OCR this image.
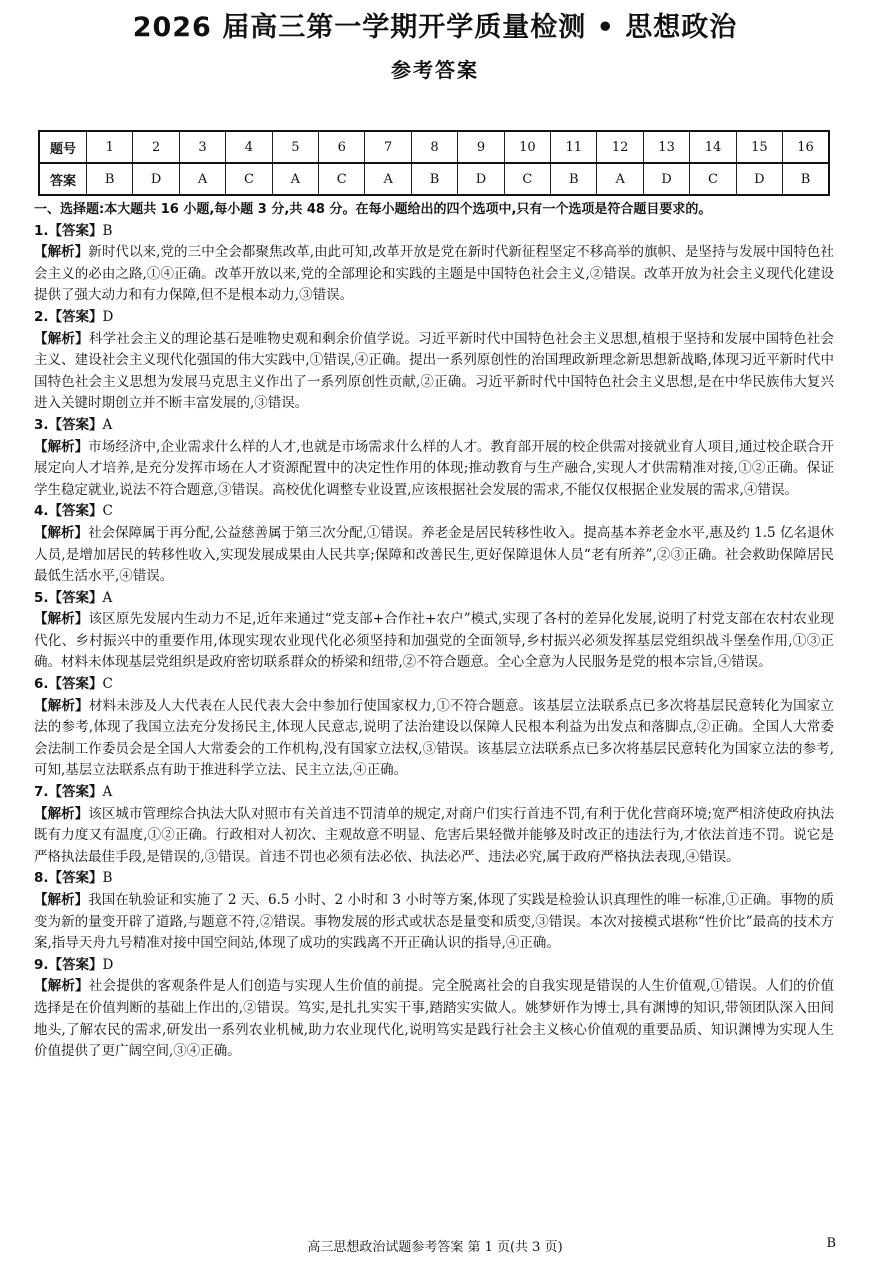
2026 届高三第一学期开学质量检测 • 思想政治
参考答案
题号	1	2	3	4	5	6	7	8	9	10	11	12	13	14	15	16
答案	B	D	A	C	A	C	A	B	D	C	B	A	D	C	D	B

一、选择题:本大题共 16 小题,每小题 3 分,共 48 分。在每小题给出的四个选项中,只有一个选项是符合题目要求的。

1.【答案】B

【解析】新时代以来,党的三中全会都聚焦改革,由此可知,改革开放是党在新时代新征程坚定不移高举的旗帜、是坚持与发展中国特色社会主义的必由之路,①④正确。改革开放以来,党的全部理论和实践的主题是中国特色社会主义,②错误。改革开放为社会主义现代化建设提供了强大动力和有力保障,但不是根本动力,③错误。

2.【答案】D

【解析】科学社会主义的理论基石是唯物史观和剩余价值学说。习近平新时代中国特色社会主义思想,植根于坚持和发展中国特色社会主义、建设社会主义现代化强国的伟大实践中,①错误,④正确。提出一系列原创性的治国理政新理念新思想新战略,体现习近平新时代中国特色社会主义思想为发展马克思主义作出了一系列原创性贡献,②正确。习近平新时代中国特色社会主义思想,是在中华民族伟大复兴进入关键时期创立并不断丰富发展的,③错误。

3.【答案】A

【解析】市场经济中,企业需求什么样的人才,也就是市场需求什么样的人才。教育部开展的校企供需对接就业育人项目,通过校企联合开展定向人才培养,是充分发挥市场在人才资源配置中的决定性作用的体现;推动教育与生产融合,实现人才供需精准对接,①②正确。保证学生稳定就业,说法不符合题意,③错误。高校优化调整专业设置,应该根据社会发展的需求,不能仅仅根据企业发展的需求,④错误。

4.【答案】C

【解析】社会保障属于再分配,公益慈善属于第三次分配,①错误。养老金是居民转移性收入。提高基本养老金水平,惠及约 1.5 亿名退休人员,是增加居民的转移性收入,实现发展成果由人民共享;保障和改善民生,更好保障退休人员“老有所养”,②③正确。社会救助保障居民最低生活水平,④错误。

5.【答案】A

【解析】该区原先发展内生动力不足,近年来通过“党支部+合作社+农户”模式,实现了各村的差异化发展,说明了村党支部在农村农业现代化、乡村振兴中的重要作用,体现实现农业现代化必须坚持和加强党的全面领导,乡村振兴必须发挥基层党组织战斗堡垒作用,①③正确。材料未体现基层党组织是政府密切联系群众的桥梁和纽带,②不符合题意。全心全意为人民服务是党的根本宗旨,④错误。

6.【答案】C

【解析】材料未涉及人大代表在人民代表大会中参加行使国家权力,①不符合题意。该基层立法联系点已多次将基层民意转化为国家立法的参考,体现了我国立法充分发扬民主,体现人民意志,说明了法治建设以保障人民根本利益为出发点和落脚点,②正确。全国人大常委会法制工作委员会是全国人大常委会的工作机构,没有国家立法权,③错误。该基层立法联系点已多次将基层民意转化为国家立法的参考,可知,基层立法联系点有助于推进科学立法、民主立法,④正确。

7.【答案】A

【解析】该区城市管理综合执法大队对照市有关首违不罚清单的规定,对商户们实行首违不罚,有利于优化营商环境;宽严相济使政府执法既有力度又有温度,①②正确。行政相对人初次、主观故意不明显、危害后果轻微并能够及时改正的违法行为,才依法首违不罚。说它是严格执法最佳手段,是错误的,③错误。首违不罚也必须有法必依、执法必严、违法必究,属于政府严格执法表现,④错误。

8.【答案】B

【解析】我国在轨验证和实施了 2 天、6.5 小时、2 小时和 3 小时等方案,体现了实践是检验认识真理性的唯一标准,①正确。事物的质变为新的量变开辟了道路,与题意不符,②错误。事物发展的形式或状态是量变和质变,③错误。本次对接模式堪称“性价比”最高的技术方案,指导天舟九号精准对接中国空间站,体现了成功的实践离不开正确认识的指导,④正确。

9.【答案】D

【解析】社会提供的客观条件是人们创造与实现人生价值的前提。完全脱离社会的自我实现是错误的人生价值观,①错误。人们的价值选择是在价值判断的基础上作出的,②错误。笃实,是扎扎实实干事,踏踏实实做人。姚梦妍作为博士,具有渊博的知识,带领团队深入田间地头,了解农民的需求,研发出一系列农业机械,助力农业现代化,说明笃实是践行社会主义核心价值观的重要品质、知识渊博为实现人生价值提供了更广阔空间,③④正确。

高三思想政治试题参考答案 第 1 页(共 3 页)	B
